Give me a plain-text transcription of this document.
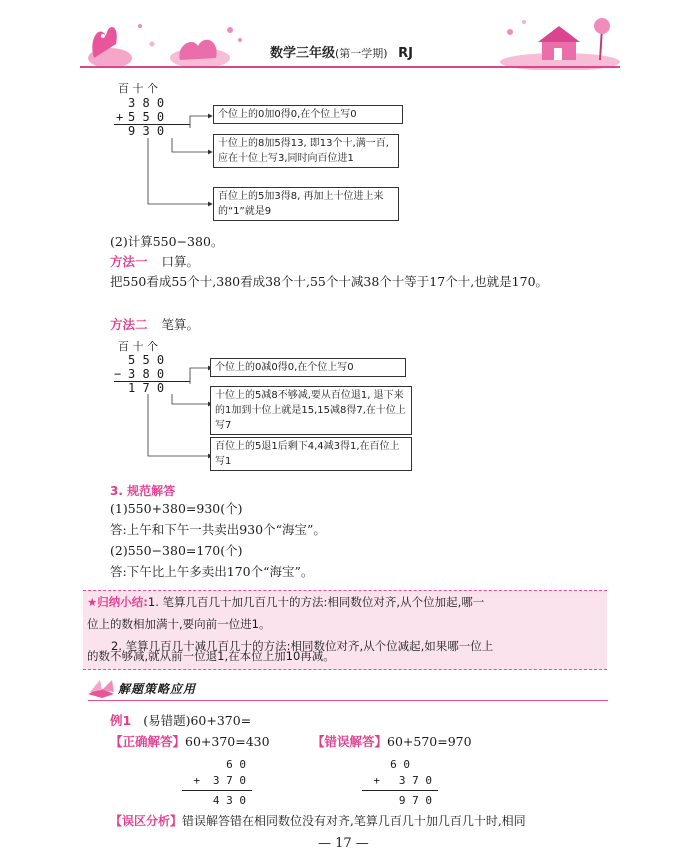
数学三年级(第一学期) RJ
百 十 个
3 8 0
+ 5 5 0
9 3 0
个位上的0加0得0,在个位上写0
十位上的8加5得13, 即13个十,满一百,应在十位上写3,同时向百位进1
百位上的5加3得8, 再加上十位进上来的“1”就是9
(2)计算550−380。
方法一 口算。
把550看成55个十,380看成38个十,55个十减38个十等于17个十,也就是170。
方法二 笔算。
百 十 个
5 5 0
− 3 8 0
1 7 0
个位上的0减0得0,在个位上写0
十位上的5减8不够减,要从百位退1, 退下来的1加到十位上就是15,15减8得7,在十位上写7
百位上的5退1后剩下4,4减3得1,在百位上写1
3. 规范解答
(1)550+380=930(个)
答:上午和下午一共卖出930个“海宝”。
(2)550−380=170(个)
答:下午比上午多卖出170个“海宝”。
★归纳小结:1. 笔算几百几十加几百几十的方法:相同数位对齐,从个位加起,哪一
位上的数相加满十,要向前一位进1。
2. 笔算几百几十减几百几十的方法:相同数位对齐,从个位减起,如果哪一位上
的数不够减,就从前一位退1,在本位上加10再减。
解题策略应用
例1 (易错题)60+370=
【正确解答】60+370=430	【错误解答】60+570=970
6 0
+	3 7 0
4 3 0
6 0
+	3 7 0
9 7 0
【误区分析】错误解答错在相同数位没有对齐,笔算几百几十加几百几十时,相同
— 17 —
